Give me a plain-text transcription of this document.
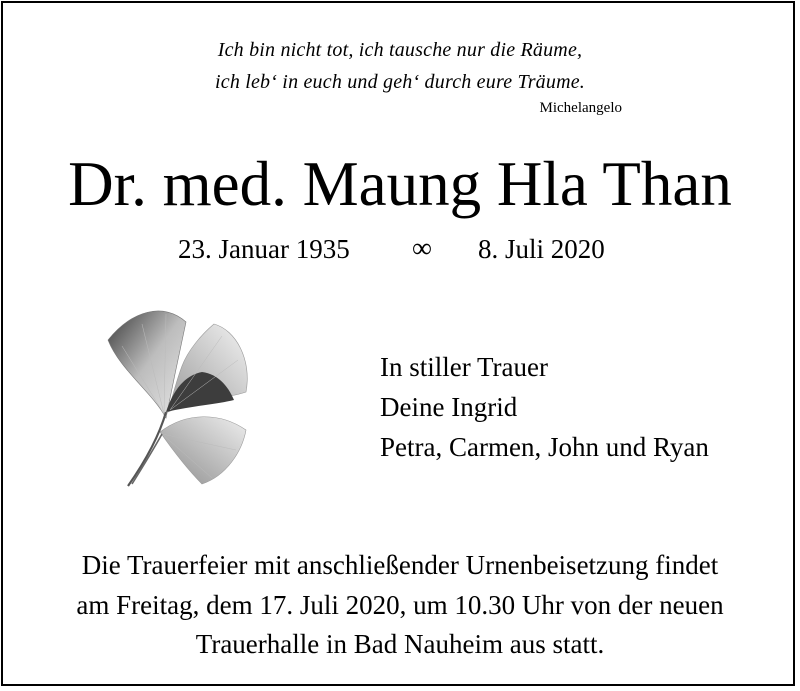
Ich bin nicht tot, ich tausche nur die Räume,
ich leb‘ in euch und geh‘ durch eure Träume.
Michelangelo
Dr. med. Maung Hla Than
23. Januar 1935 ∞ 8. Juli 2020
In stiller Trauer
Deine Ingrid
Petra, Carmen, John und Ryan
Die Trauerfeier mit anschließender Urnenbeisetzung findet
am Freitag, dem 17. Juli 2020, um 10.30 Uhr von der neuen
Trauerhalle in Bad Nauheim aus statt.
